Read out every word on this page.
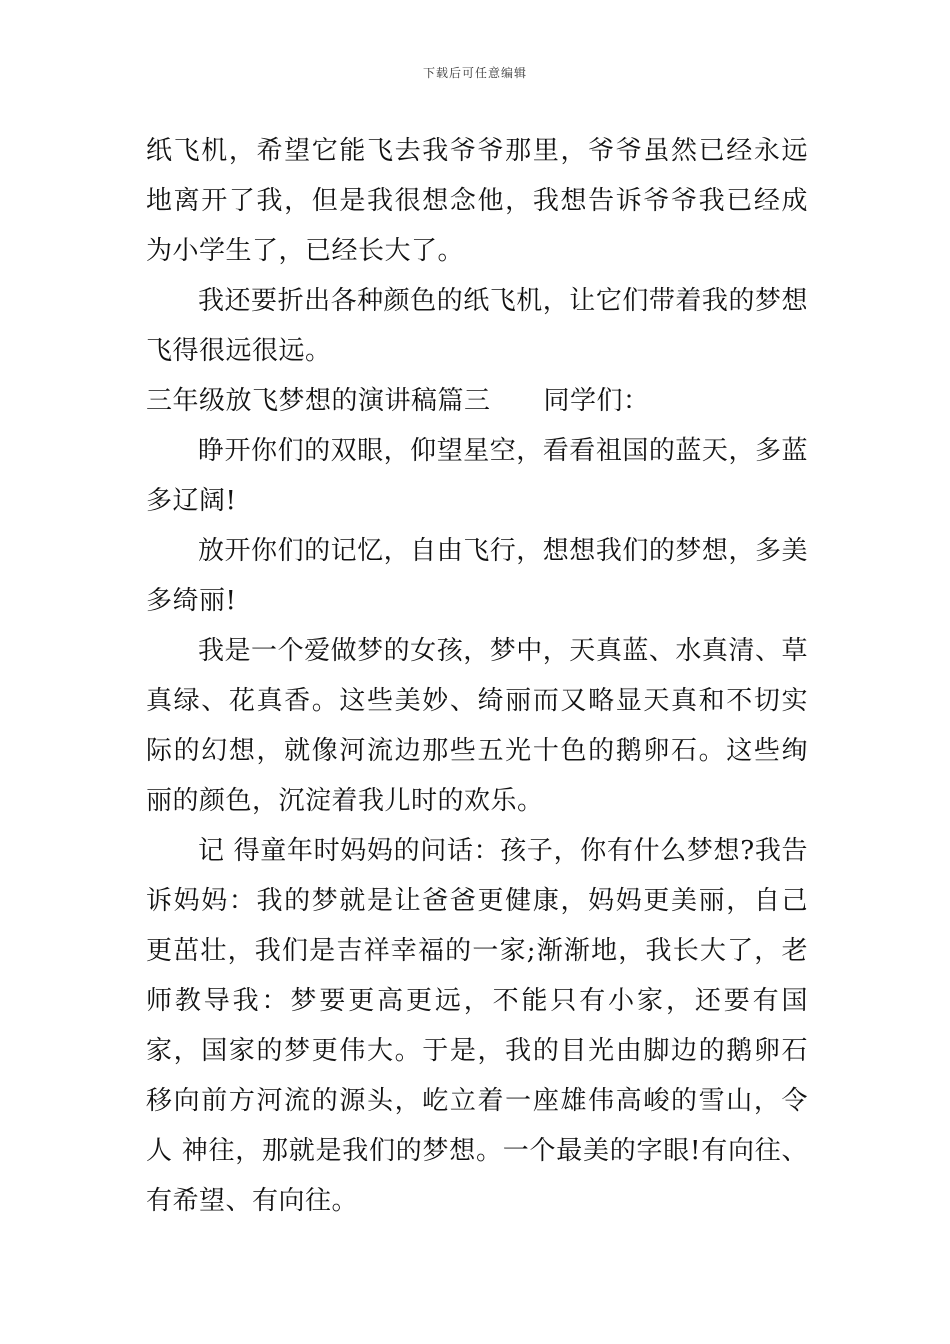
下载后可任意编辑

纸飞机，希望它能飞去我爷爷那里，爷爷虽然已经永远地离开了我，但是我很想念他，我想告诉爷爷我已经成为小学生了，已经长大了。

我还要折出各种颜色的纸飞机，让它们带着我的梦想飞得很远很远。

三年级放飞梦想的演讲稿篇三　　同学们：

睁开你们的双眼，仰望星空，看看祖国的蓝天，多蓝多辽阔!

放开你们的记忆，自由飞行，想想我们的梦想，多美多绮丽!

我是一个爱做梦的女孩，梦中，天真蓝、水真清、草真绿、花真香。这些美妙、绮丽而又略显天真和不切实际的幻想，就像河流边那些五光十色的鹅卵石。这些绚丽的颜色，沉淀着我儿时的欢乐。

记 得童年时妈妈的问话：孩子，你有什么梦想?我告诉妈妈：我的梦就是让爸爸更健康，妈妈更美丽，自己更茁壮，我们是吉祥幸福的一家;渐渐地，我长大了，老师教导我：梦要更高更远，不能只有小家，还要有国家，国家的梦更伟大。于是，我的目光由脚边的鹅卵石移向前方河流的源头，屹立着一座雄伟高峻的雪山，令人 神往，那就是我们的梦想。一个最美的字眼!有向往、有希望、有向往。
